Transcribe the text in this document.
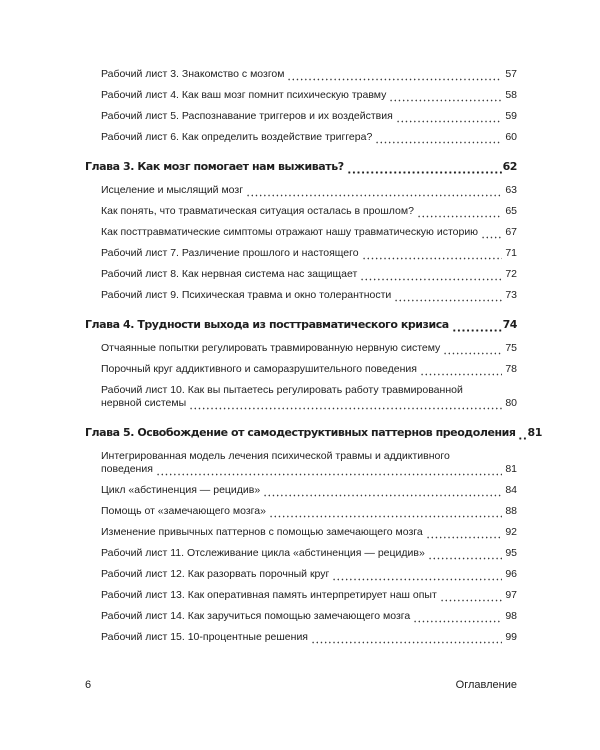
Рабочий лист 3. Знакомство с мозгом	57
Рабочий лист 4. Как ваш мозг помнит психическую травму	58
Рабочий лист 5. Распознавание триггеров и их воздействия	59
Рабочий лист 6. Как определить воздействие триггера?	60
Глава 3. Как мозг помогает нам выживать?	62
Исцеление и мыслящий мозг	63
Как понять, что травматическая ситуация осталась в прошлом?	65
Как посттравматические симптомы отражают нашу травматическую историю	67
Рабочий лист 7. Различение прошлого и настоящего	71
Рабочий лист 8. Как нервная система нас защищает	72
Рабочий лист 9. Психическая травма и окно толерантности	73
Глава 4. Трудности выхода из посттравматического кризиса	74
Отчаянные попытки регулировать травмированную нервную систему	75
Порочный круг аддиктивного и саморазрушительного поведения	78
Рабочий лист 10. Как вы пытаетесь регулировать работу травмированной
нервной системы	80
Глава 5. Освобождение от самодеструктивных паттернов преодоления 81
Интегрированная модель лечения психической травмы и аддиктивного
поведения	81
Цикл «абстиненция — рецидив»	84
Помощь от «замечающего мозга»	88
Изменение привычных паттернов с помощью замечающего мозга	92
Рабочий лист 11. Отслеживание цикла «абстиненция — рецидив»	95
Рабочий лист 12. Как разорвать порочный круг	96
Рабочий лист 13. Как оперативная память интерпретирует наш опыт	97
Рабочий лист 14. Как заручиться помощью замечающего мозга	98
Рабочий лист 15. 10-процентные решения	99
6	Оглавление
